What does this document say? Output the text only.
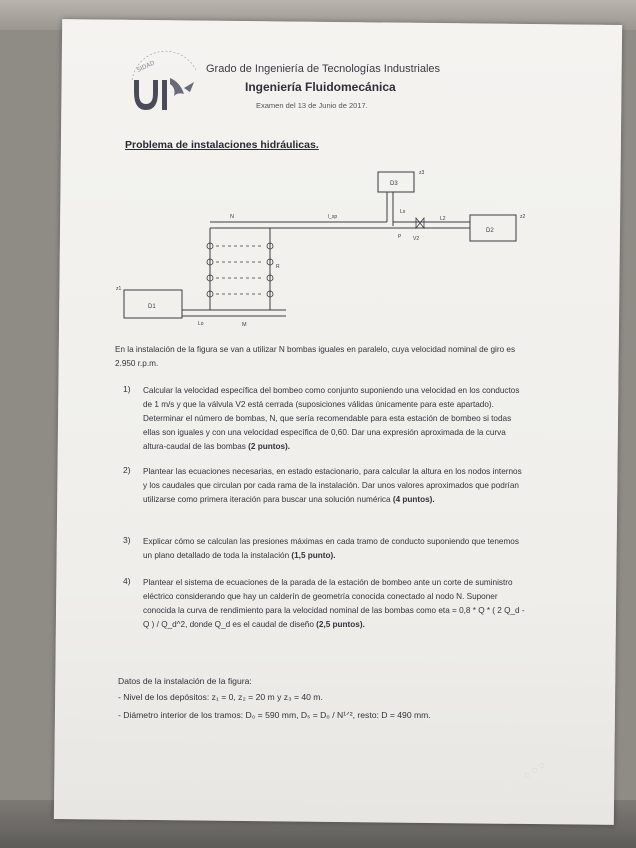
SIDAD	Grado de Ingeniería de Tecnologías Industriales
Ingeniería Fluidomecánica
Examen del 13 de Junio de 2017.
Problema de instalaciones hidráulicas.
D3
z3
Ls
N	l_sp
D2
z2
L2
V2
P
R
Lo	M
D1
z1
En la instalación de la figura se van a utilizar N bombas iguales en paralelo, cuya velocidad nominal de giro es 2.950 r.p.m.
1) Calcular la velocidad específica del bombeo como conjunto suponiendo una velocidad en los conductos de 1 m/s y que la válvula V2 está cerrada (suposiciones válidas únicamente para este apartado). Determinar el número de bombas, N, que sería recomendable para esta estación de bombeo si todas ellas son iguales y con una velocidad específica de 0,60. Dar una expresión aproximada de la curva altura-caudal de las bombas (2 puntos).
2) Plantear las ecuaciones necesarias, en estado estacionario, para calcular la altura en los nodos internos y los caudales que circulan por cada rama de la instalación. Dar unos valores aproximados que podrían utilizarse como primera iteración para buscar una solución numérica (4 puntos).
3) Explicar cómo se calculan las presiones máximas en cada tramo de conducto suponiendo que tenemos un plano detallado de toda la instalación (1,5 punto).
4) Plantear el sistema de ecuaciones de la parada de la estación de bombeo ante un corte de suministro eléctrico considerando que hay un calderín de geometría conocida conectado al nodo N. Suponer conocida la curva de rendimiento para la velocidad nominal de las bombas como eta = 0,8 * Q * ( 2 Q_d - Q ) / Q_d^2, donde Q_d es el caudal de diseño (2,5 puntos).
Datos de la instalación de la figura:
- Nivel de los depósitos: z₁ = 0, z₂ = 20 m y z₃ = 40 m.
- Diámetro interior de los tramos: D₀ = 590 mm, Dₛ = D₀ / N¹ᐟ², resto: D = 490 mm.
◌ ◌ ◌
